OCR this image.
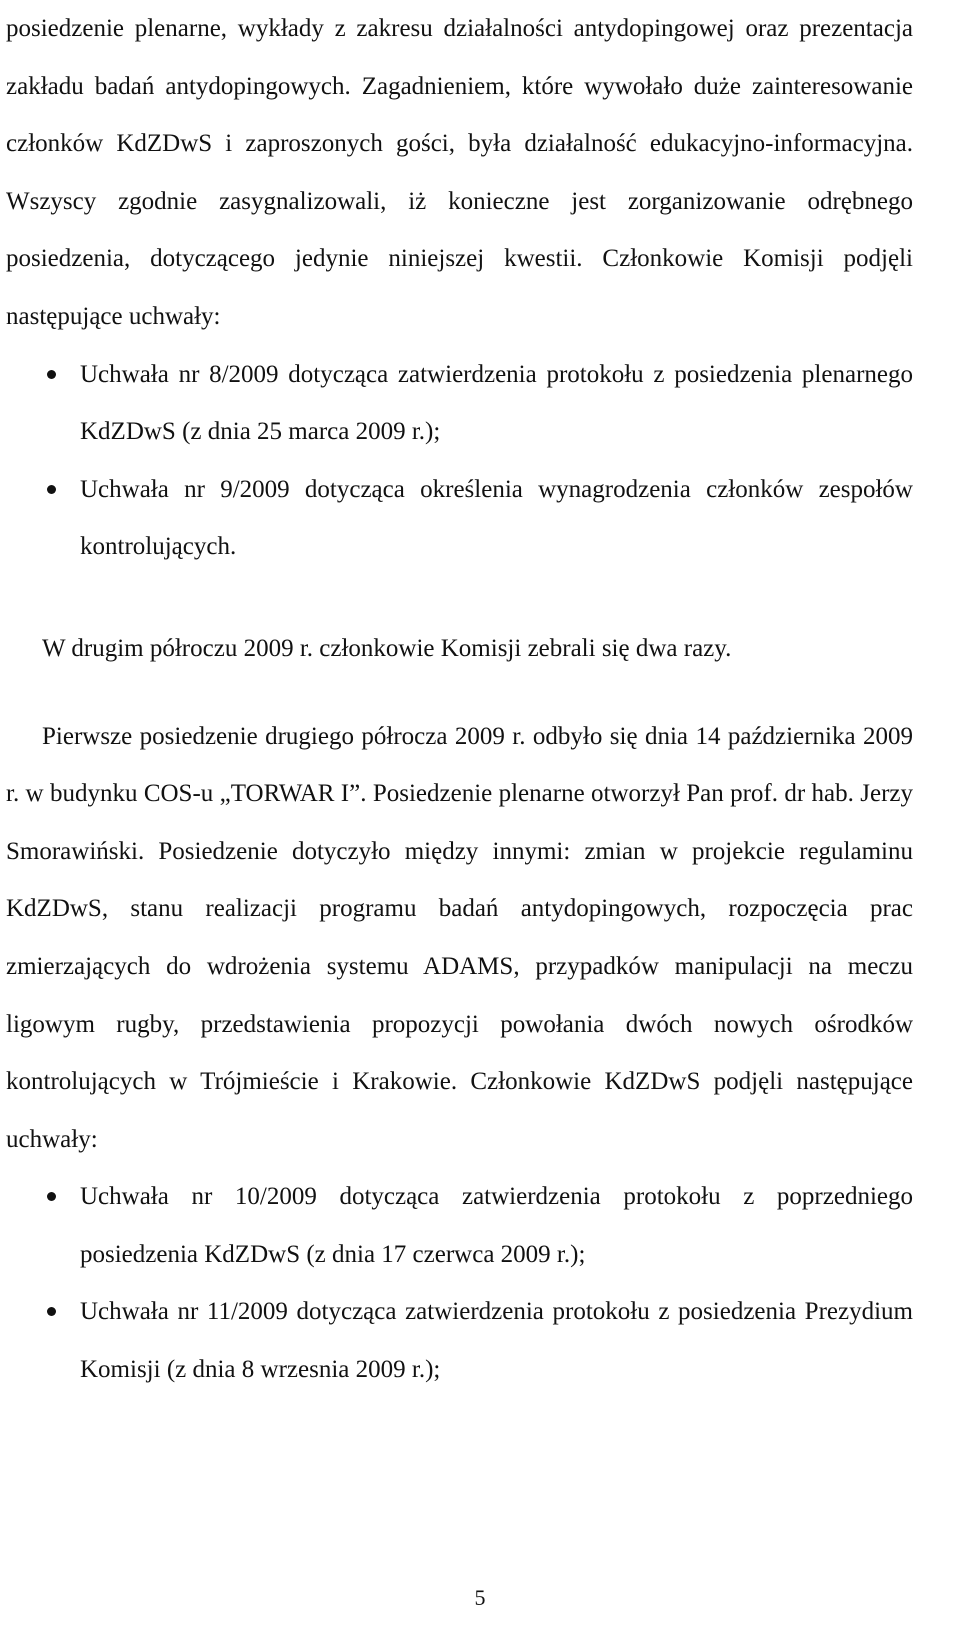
posiedzenie plenarne, wykłady z zakresu działalności antydopingowej oraz prezentacja zakładu badań antydopingowych. Zagadnieniem, które wywołało duże zainteresowanie członków KdZDwS i zaproszonych gości, była działalność edukacyjno-informacyjna. Wszyscy zgodnie zasygnalizowali, iż konieczne jest zorganizowanie odrębnego posiedzenia, dotyczącego jedynie niniejszej kwestii. Członkowie Komisji podjęli następujące uchwały:

Uchwała nr 8/2009 dotycząca zatwierdzenia protokołu z posiedzenia plenarnego KdZDwS (z dnia 25 marca 2009 r.);
Uchwała nr 9/2009 dotycząca określenia wynagrodzenia członków zespołów kontrolujących.

W drugim półroczu 2009 r. członkowie Komisji zebrali się dwa razy.

Pierwsze posiedzenie drugiego półrocza 2009 r. odbyło się dnia 14 października 2009 r. w budynku COS-u „TORWAR I”. Posiedzenie plenarne otworzył Pan prof. dr hab. Jerzy Smorawiński. Posiedzenie dotyczyło między innymi: zmian w projekcie regulaminu KdZDwS, stanu realizacji programu badań antydopingowych, rozpoczęcia prac zmierzających do wdrożenia systemu ADAMS, przypadków manipulacji na meczu ligowym rugby, przedstawienia propozycji powołania dwóch nowych ośrodków kontrolujących w Trójmieście i Krakowie. Członkowie KdZDwS podjęli następujące uchwały:

Uchwała nr 10/2009 dotycząca zatwierdzenia protokołu z poprzedniego posiedzenia KdZDwS (z dnia 17 czerwca 2009 r.);
Uchwała nr 11/2009 dotycząca zatwierdzenia protokołu z posiedzenia Prezydium Komisji (z dnia 8 wrzesnia 2009 r.);
5
